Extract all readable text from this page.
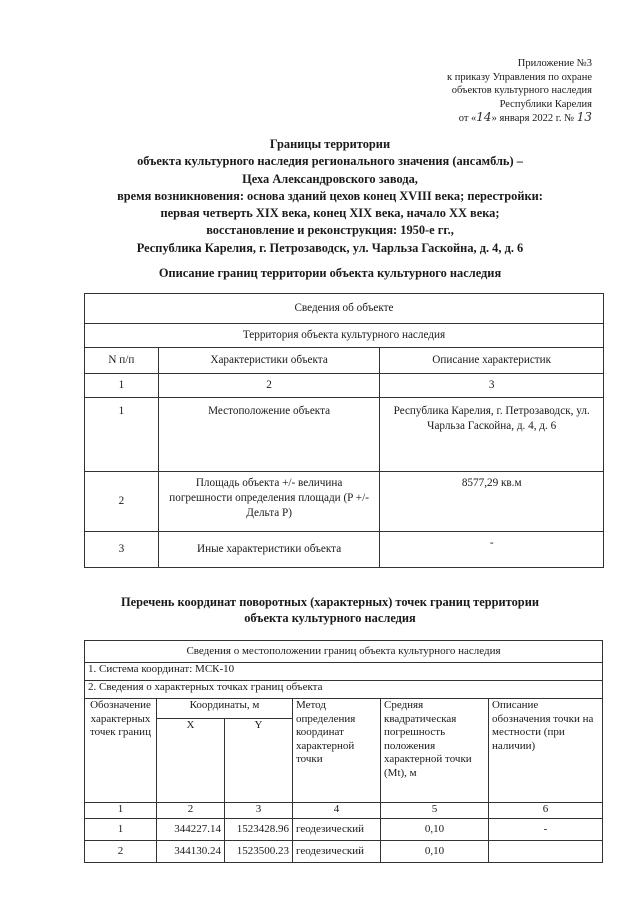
Приложение №3
к приказу Управления по охране
объектов культурного наследия
Республики Карелия
от «14» января 2022 г. № 13
Границы территории
объекта культурного наследия регионального значения (ансамбль) –
Цеха Александровского завода,
время возникновения: основа зданий цехов конец XVIII века; перестройки:
первая четверть XIX века, конец XIX века, начало XX века;
восстановление и реконструкция: 1950-е гг.,
Республика Карелия, г. Петрозаводск, ул. Чарльза Гаскойна, д. 4, д. 6
Описание границ территории объекта культурного наследия
Сведения об объекте		
Территория объекта культурного наследия		
N п/п	Характеристики объекта	Описание характеристик
1	2	3
1	Местоположение объекта	Республика Карелия, г. Петрозаводск, ул. Чарльза Гаскойна, д. 4, д. 6
2	Площадь объекта +/- величина погрешности определения площади (P +/- Дельта P)	8577,29 кв.м
3	Иные характеристики объекта	-
Перечень координат поворотных (характерных) точек границ территории
объекта культурного наследия
Сведения о местоположении границ объекта культурного наследия					
1. Система координат: МСК-10					
2. Сведения о характерных точках границ объекта					
Обозначение характерных точек границ	Координаты, м		Метод определения координат характерной точки	Средняя квадратическая погрешность положения характерной точки (Mt), м	Описание обозначения точки на местности (при наличии)
	X	Y			
1	2	3	4	5	6
1	344227.14	1523428.96	геодезический	0,10	-
2	344130.24	1523500.23	геодезический	0,10	
